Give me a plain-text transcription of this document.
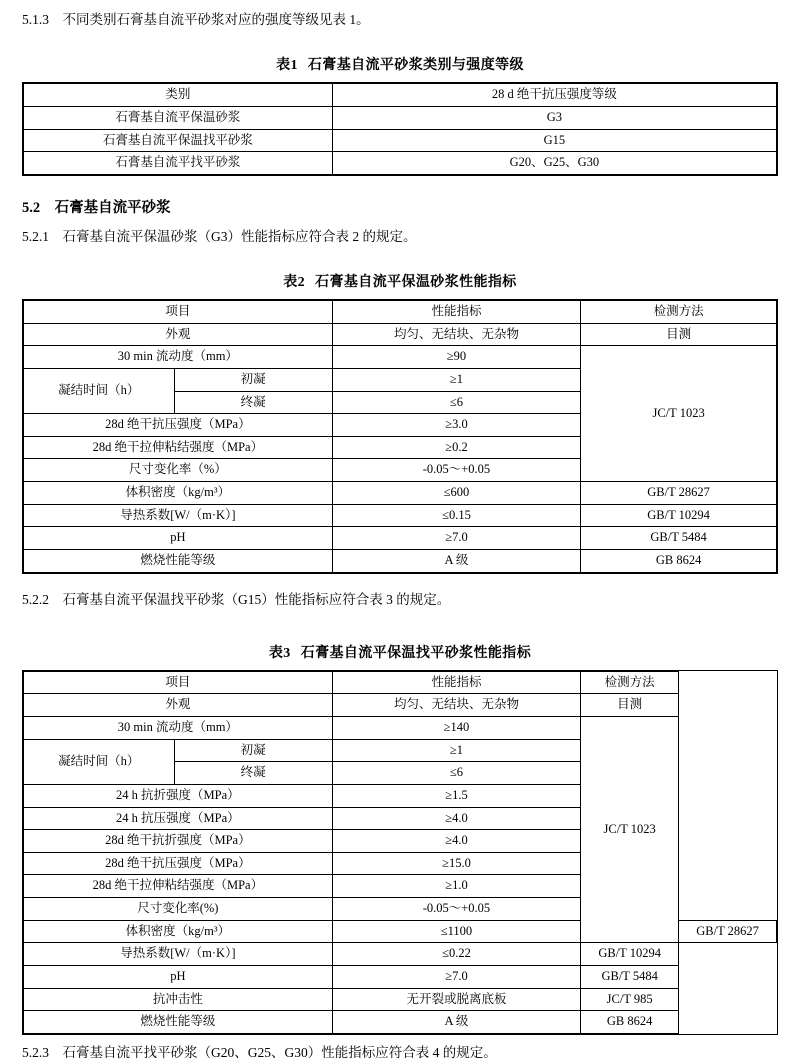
5.1.3　不同类别石膏基自流平砂浆对应的强度等级见表 1。

表1 石膏基自流平砂浆类别与强度等级
类别	28 d 绝干抗压强度等级
石膏基自流平保温砂浆	G3
石膏基自流平保温找平砂浆	G15
石膏基自流平找平砂浆	G20、G25、G30

5.2　石膏基自流平砂浆

5.2.1　石膏基自流平保温砂浆（G3）性能指标应符合表 2 的规定。

表2 石膏基自流平保温砂浆性能指标
项目		性能指标	检测方法
外观		均匀、无结块、无杂物	目测
30 min 流动度（mm）		≥90	JC/T 1023
凝结时间（h）	初凝	≥1	
	终凝	≤6	
28d 绝干抗压强度（MPa）		≥3.0	
28d 绝干拉伸粘结强度（MPa）		≥0.2	
尺寸变化率（%）		-0.05～+0.05	
体积密度（kg/m³）		≤600	GB/T 28627
导热系数[W/（m·K）]		≤0.15	GB/T 10294
pH		≥7.0	GB/T 5484
燃烧性能等级		A 级	GB 8624

5.2.2　石膏基自流平保温找平砂浆（G15）性能指标应符合表 3 的规定。

表3 石膏基自流平保温找平砂浆性能指标
项目		性能指标	检测方法	
外观		均匀、无结块、无杂物	目测	
30 min 流动度（mm）		≥140	JC/T 1023	
凝结时间（h）	初凝	≥1		
	终凝	≤6		
24 h 抗折强度（MPa）		≥1.5		
24 h 抗压强度（MPa）		≥4.0		
28d 绝干抗折强度（MPa）		≥4.0		
28d 绝干抗压强度（MPa）		≥15.0		
28d 绝干拉伸粘结强度（MPa）		≥1.0		
尺寸变化率(%)		-0.05～+0.05		
体积密度（kg/m³）		≤1100		GB/T 28627
导热系数[W/（m·K）]		≤0.22	GB/T 10294	
pH		≥7.0	GB/T 5484	
抗冲击性		无开裂或脱离底板	JC/T 985	
燃烧性能等级		A 级	GB 8624	

5.2.3　石膏基自流平找平砂浆（G20、G25、G30）性能指标应符合表 4 的规定。
